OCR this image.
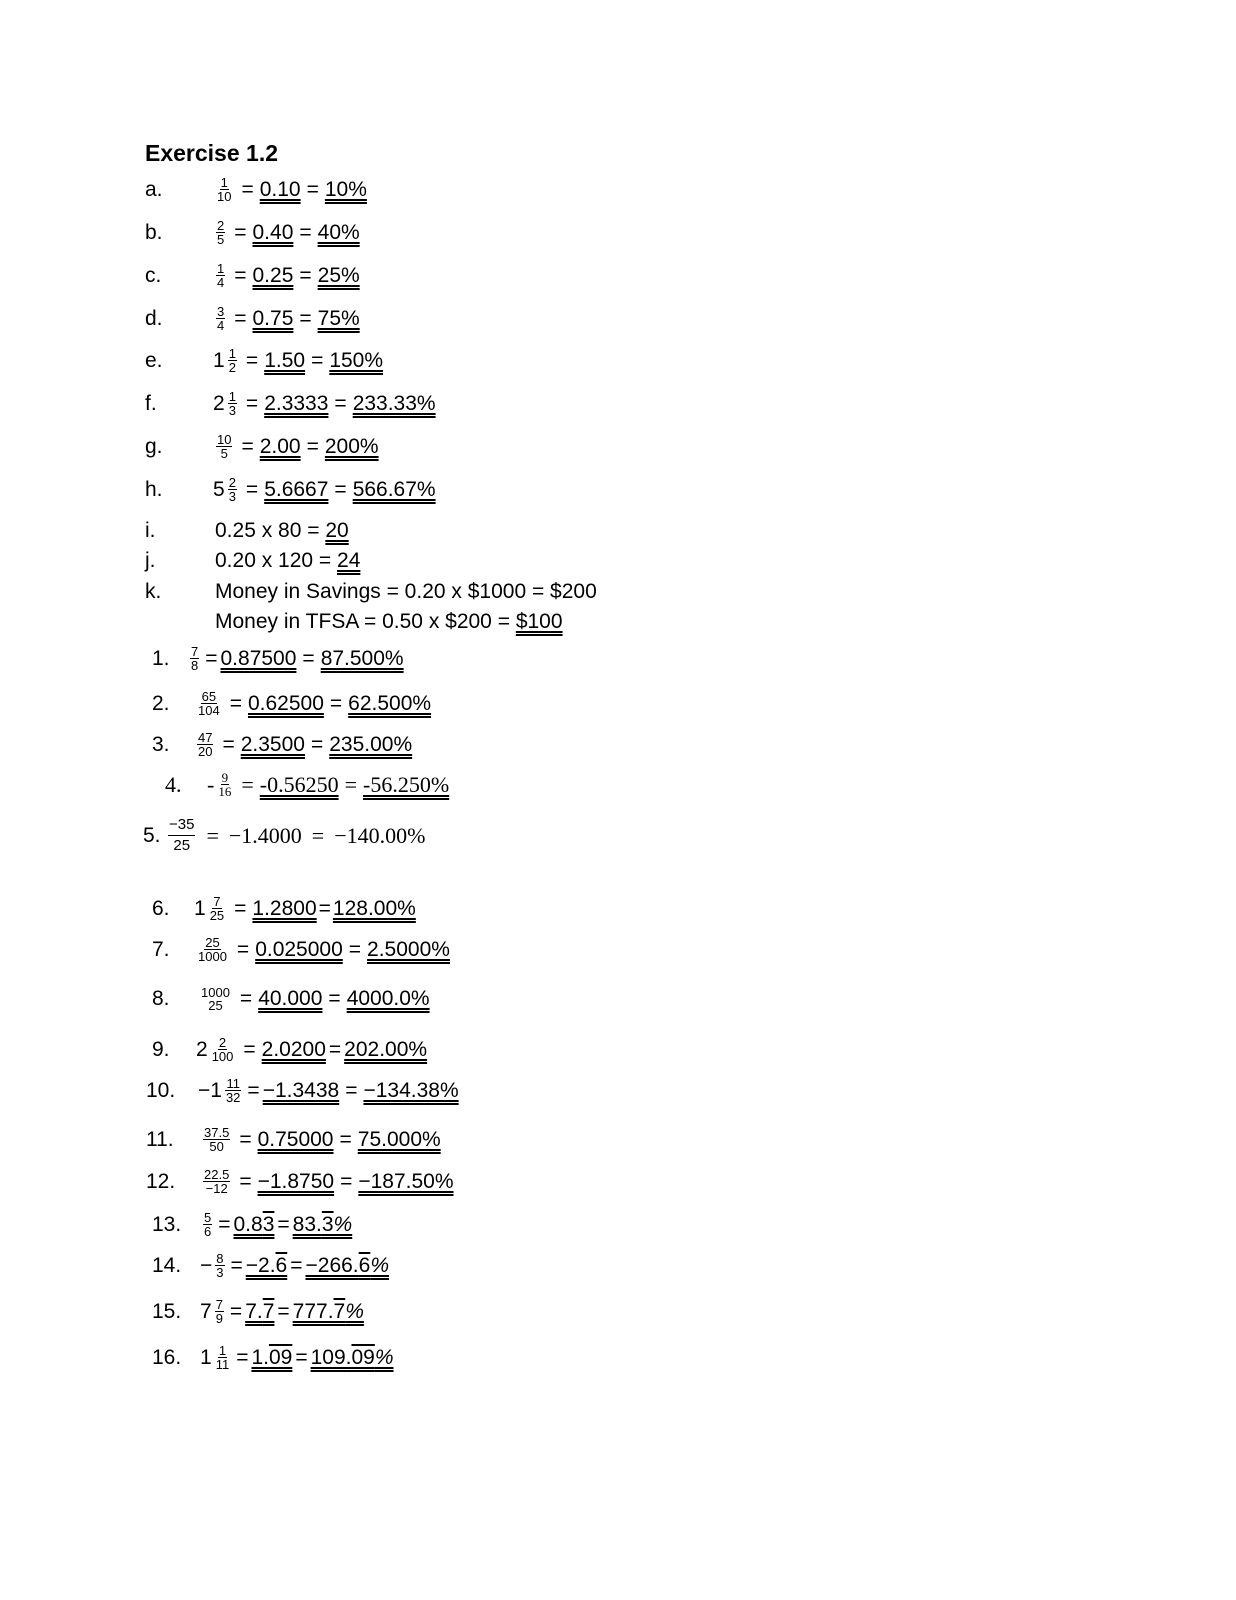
Exercise 1.2
a.	$\frac{1}{10} = 0.10 = 10\%$
b.	$\frac{2}{5} = 0.40 = 40\%$
c.	$\frac{1}{4} = 0.25 = 25\%$
d.	$\frac{3}{4} = 0.75 = 75\%$
e.	$1 \frac{1}{2} = 1.50 = 150\%$
f.	$2 \frac{1}{3} = 2.3333 = 233.33\%$
g.	$\frac{10}{5} = 2.00 = 200\%$
h.	$5 \frac{2}{3} = 5.6667 = 566.67\%$
i.	0.25 x 80 =
20
j.	0.20 x 120 =
24
k.	Money in Savings = 0.20 x $1000 = $200
Money in TFSA = 0.50 x $200 =
$100
1.	$\frac{7}{8} = 0.87500 = 87.500\%$
2.	$\frac{65}{104} = 0.62500 = 62.500\%$
3.	$\frac{47}{20} = 2.3500 = 235.00\%$
4.	- $\frac{9}{16} = -0.56250 = -56.250\%$
5. $\frac{-35}{25} = -1.4000 = -140.00\%$
6.	$1 \frac{7}{25} = 1.2800 = 128.00\%$
7.	$\frac{25}{1000} = 0.025000 = 2.5000\%$
8.	1000
25 = 40.000 = 4000.0%
9.	$2 \frac{2}{100} = 2.0200 = 202.00\%$
10.	− $1 \frac{11}{32} = -1.3438 = -134.38\%$
11.	$\frac{37.5}{50} = 0.75000 = 75.000\%$
12.	$\frac{22.5}{-12} = -1.8750 = -187.50\%$
13.	$\frac{5}{6} = 0.83 = 83.3\%$
14. − $\frac{8}{3} = -2.6 = -266.6\%$
15. $7 \frac{7}{9} = 7.7 = 777.7\%$
16. $1 \frac{1}{11} = 1.09 = 109.09\%$
